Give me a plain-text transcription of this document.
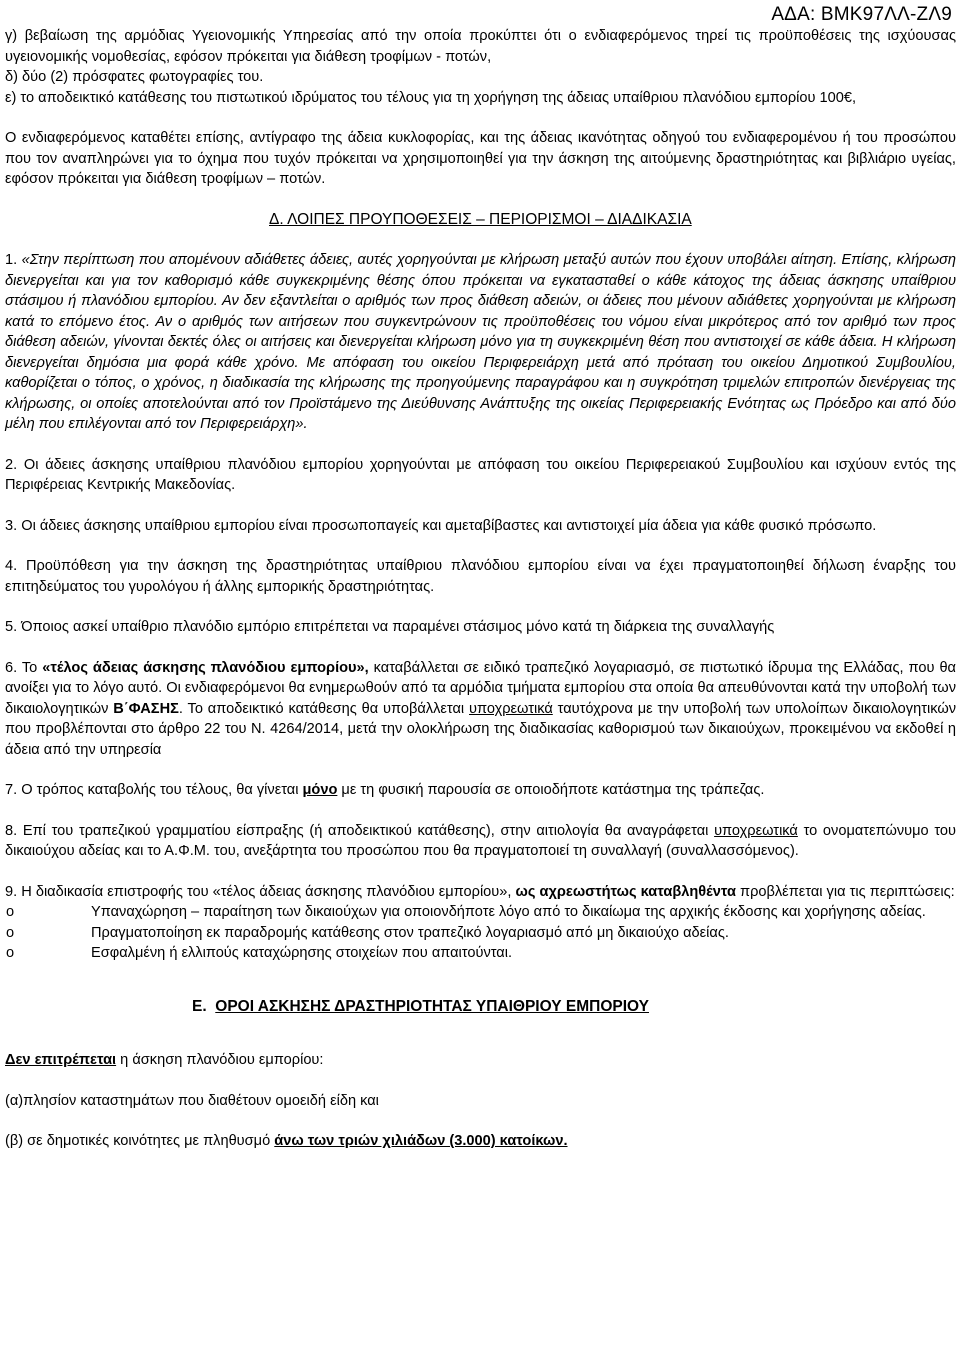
ΑΔΑ: ΒΜΚ97ΛΛ-ΖΛ9

γ) βεβαίωση της αρμόδιας Υγειονομικής Υπηρεσίας από την οποία προκύπτει ότι ο ενδιαφερόμενος τηρεί τις προϋποθέσεις της ισχύουσας υγειονομικής νομοθεσίας, εφόσον πρόκειται για διάθεση τροφίμων - ποτών,

δ) δύο (2) πρόσφατες φωτογραφίες του.

ε) το αποδεικτικό κατάθεσης του πιστωτικού ιδρύματος του τέλους για τη χορήγηση της άδειας υπαίθριου πλανόδιου εμπορίου 100€,

Ο ενδιαφερόμενος καταθέτει επίσης, αντίγραφο της άδεια κυκλοφορίας, και της άδειας ικανότητας οδηγού του ενδιαφερομένου ή του προσώπου που τον αναπληρώνει για το όχημα που τυχόν πρόκειται να χρησιμοποιηθεί για την άσκηση της αιτούμενης δραστηριότητας και βιβλιάριο υγείας, εφόσον πρόκειται για διάθεση τροφίμων – ποτών.

Δ. ΛΟΙΠΕΣ ΠΡΟΥΠΟΘΕΣΕΙΣ – ΠΕΡΙΟΡΙΣΜΟΙ – ΔΙΑΔΙΚΑΣΙΑ

1. «Στην περίπτωση που απομένουν αδιάθετες άδειες, αυτές χορηγούνται με κλήρωση μεταξύ αυτών που έχουν υποβάλει αίτηση. Επίσης, κλήρωση διενεργείται και για τον καθορισμό κάθε συγκεκριμένης θέσης όπου πρόκειται να εγκατασταθεί ο κάθε κάτοχος της άδειας άσκησης υπαίθριου στάσιμου ή πλανόδιου εμπορίου. Αν δεν εξαντλείται ο αριθμός των προς διάθεση αδειών, οι άδειες που μένουν αδιάθετες χορηγούνται με κλήρωση κατά το επόμενο έτος. Αν ο αριθμός των αιτήσεων που συγκεντρώνουν τις προϋποθέσεις του νόμου είναι μικρότερος από τον αριθμό των προς διάθεση αδειών, γίνονται δεκτές όλες οι αιτήσεις και διενεργείται κλήρωση μόνο για τη συγκεκριμένη θέση που αντιστοιχεί σε κάθε άδεια. Η κλήρωση διενεργείται δημόσια μια φορά κάθε χρόνο. Με απόφαση του οικείου Περιφερειάρχη μετά από πρόταση του οικείου Δημοτικού Συμβουλίου, καθορίζεται ο τόπος, ο χρόνος, η διαδικασία της κλήρωσης της προηγούμενης παραγράφου και η συγκρότηση τριμελών επιτροπών διενέργειας της κλήρωσης, οι οποίες αποτελούνται από τον Προϊστάμενο της Διεύθυνσης Ανάπτυξης της οικείας Περιφερειακής Ενότητας ως Πρόεδρο και από δύο μέλη που επιλέγονται από τον Περιφερειάρχη».

2. Οι άδειες άσκησης υπαίθριου πλανόδιου εμπορίου χορηγούνται με απόφαση του οικείου Περιφερειακού Συμβουλίου και ισχύουν εντός της Περιφέρειας Κεντρικής Μακεδονίας.

3. Οι άδειες άσκησης υπαίθριου εμπορίου είναι προσωποπαγείς και αμεταβίβαστες και αντιστοιχεί μία άδεια για κάθε φυσικό πρόσωπο.

4. Προϋπόθεση για την άσκηση της δραστηριότητας υπαίθριου πλανόδιου εμπορίου είναι να έχει πραγματοποιηθεί δήλωση έναρξης του επιτηδεύματος του γυρολόγου ή άλλης εμπορικής δραστηριότητας.

5. Όποιος ασκεί υπαίθριο πλανόδιο εμπόριο επιτρέπεται να παραμένει στάσιμος μόνο κατά τη διάρκεια της συναλλαγής

6. Το «τέλος άδειας άσκησης πλανόδιου εμπορίου», καταβάλλεται σε ειδικό τραπεζικό λογαριασμό, σε πιστωτικό ίδρυμα της Ελλάδας, που θα ανοίξει για το λόγο αυτό. Οι ενδιαφερόμενοι θα ενημερωθούν από τα αρμόδια τμήματα εμπορίου στα οποία θα απευθύνονται κατά την υποβολή των δικαιολογητικών Β΄ΦΑΣΗΣ. Το αποδεικτικό κατάθεσης θα υποβάλλεται υποχρεωτικά ταυτόχρονα με την υποβολή των υπολοίπων δικαιολογητικών που προβλέπονται στο άρθρο 22 του Ν. 4264/2014, μετά την ολοκλήρωση της διαδικασίας καθορισμού των δικαιούχων, προκειμένου να εκδοθεί η άδεια από την υπηρεσία

7. Ο τρόπος καταβολής του τέλους, θα γίνεται μόνο με τη φυσική παρουσία σε οποιοδήποτε κατάστημα της τράπεζας.

8. Επί του τραπεζικού γραμματίου είσπραξης (ή αποδεικτικού κατάθεσης), στην αιτιολογία θα αναγράφεται υποχρεωτικά το ονοματεπώνυμο του δικαιούχου αδείας και το Α.Φ.Μ. του, ανεξάρτητα του προσώπου που θα πραγματοποιεί τη συναλλαγή (συναλλασσόμενος).

9. Η διαδικασία επιστροφής του «τέλος άδειας άσκησης πλανόδιου εμπορίου», ως αχρεωστήτως καταβληθέντα προβλέπεται για τις περιπτώσεις:

o	Υπαναχώρηση – παραίτηση των δικαιούχων για οποιονδήποτε λόγο από το δικαίωμα της αρχικής έκδοσης και χορήγησης αδείας.
o	Πραγματοποίηση εκ παραδρομής κατάθεσης στον τραπεζικό λογαριασμό από μη δικαιούχο αδείας.
o	Εσφαλμένη ή ελλιπούς καταχώρησης στοιχείων που απαιτούνται.

Ε. ΟΡΟΙ ΑΣΚΗΣΗΣ ΔΡΑΣΤΗΡΙΟΤΗΤΑΣ ΥΠΑΙΘΡΙΟΥ ΕΜΠΟΡΙΟΥ

Δεν επιτρέπεται η άσκηση πλανόδιου εμπορίου:

(α)πλησίον καταστημάτων που διαθέτουν ομοειδή είδη και

(β) σε δημοτικές κοινότητες με πληθυσμό άνω των τριών χιλιάδων (3.000) κατοίκων.
